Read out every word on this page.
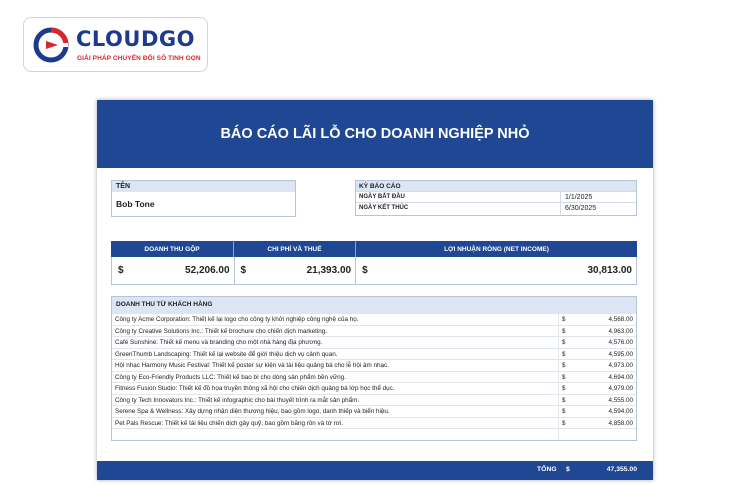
CLOUDGO
GIẢI PHÁP CHUYỂN ĐỔI SỐ TINH GỌN
BÁO CÁO LÃI LỖ CHO DOANH NGHIỆP NHỎ
TÊN
Bob Tone
KỲ BÁO CÁO
NGÀY BẮT ĐẦU	1/1/2025
NGÀY KẾT THÚC	6/30/2025
DOANH THU GỘP	CHI PHÍ VÀ THUẾ	LỢI NHUẬN RÒNG (NET INCOME)
$	52,206.00 $	21,393.00 $	30,813.00
DOANH THU TỪ KHÁCH HÀNG
Công ty Acme Corporation: Thiết kế lại logo cho công ty khởi nghiệp công nghệ của họ.	$	4,568.00
Công ty Creative Solutions Inc.: Thiết kế brochure cho chiến dịch marketing.	$	4,963.00
Café Sunshine: Thiết kế menu và branding cho một nhà hàng địa phương.	$	4,576.00
GreenThumb Landscaping: Thiết kế lại website để giới thiệu dịch vụ cảnh quan.	$	4,595.00
Hội nhạc Harmony Music Festival: Thiết kế poster sự kiện và tài liệu quảng bá cho lễ hội âm nhạc.	$	4,973.00
Công ty Eco-Friendly Products LLC: Thiết kế bao bì cho dòng sản phẩm bền vững.	$	4,694.00
Fitness Fusion Studio: Thiết kế đồ họa truyền thông xã hội cho chiến dịch quảng bá lớp học thể dục.	$	4,979.00
Công ty Tech Innovators Inc.: Thiết kế infographic cho bài thuyết trình ra mắt sản phẩm.	$	4,555.00
Serene Spa & Wellness: Xây dựng nhận diện thương hiệu, bao gồm logo, danh thiếp và biển hiệu.	$	4,594.00
Pet Pals Rescue: Thiết kế tài liệu chiến dịch gây quỹ, bao gồm băng rôn và tờ rơi.	$	4,858.00
TỔNG $	47,355.00
